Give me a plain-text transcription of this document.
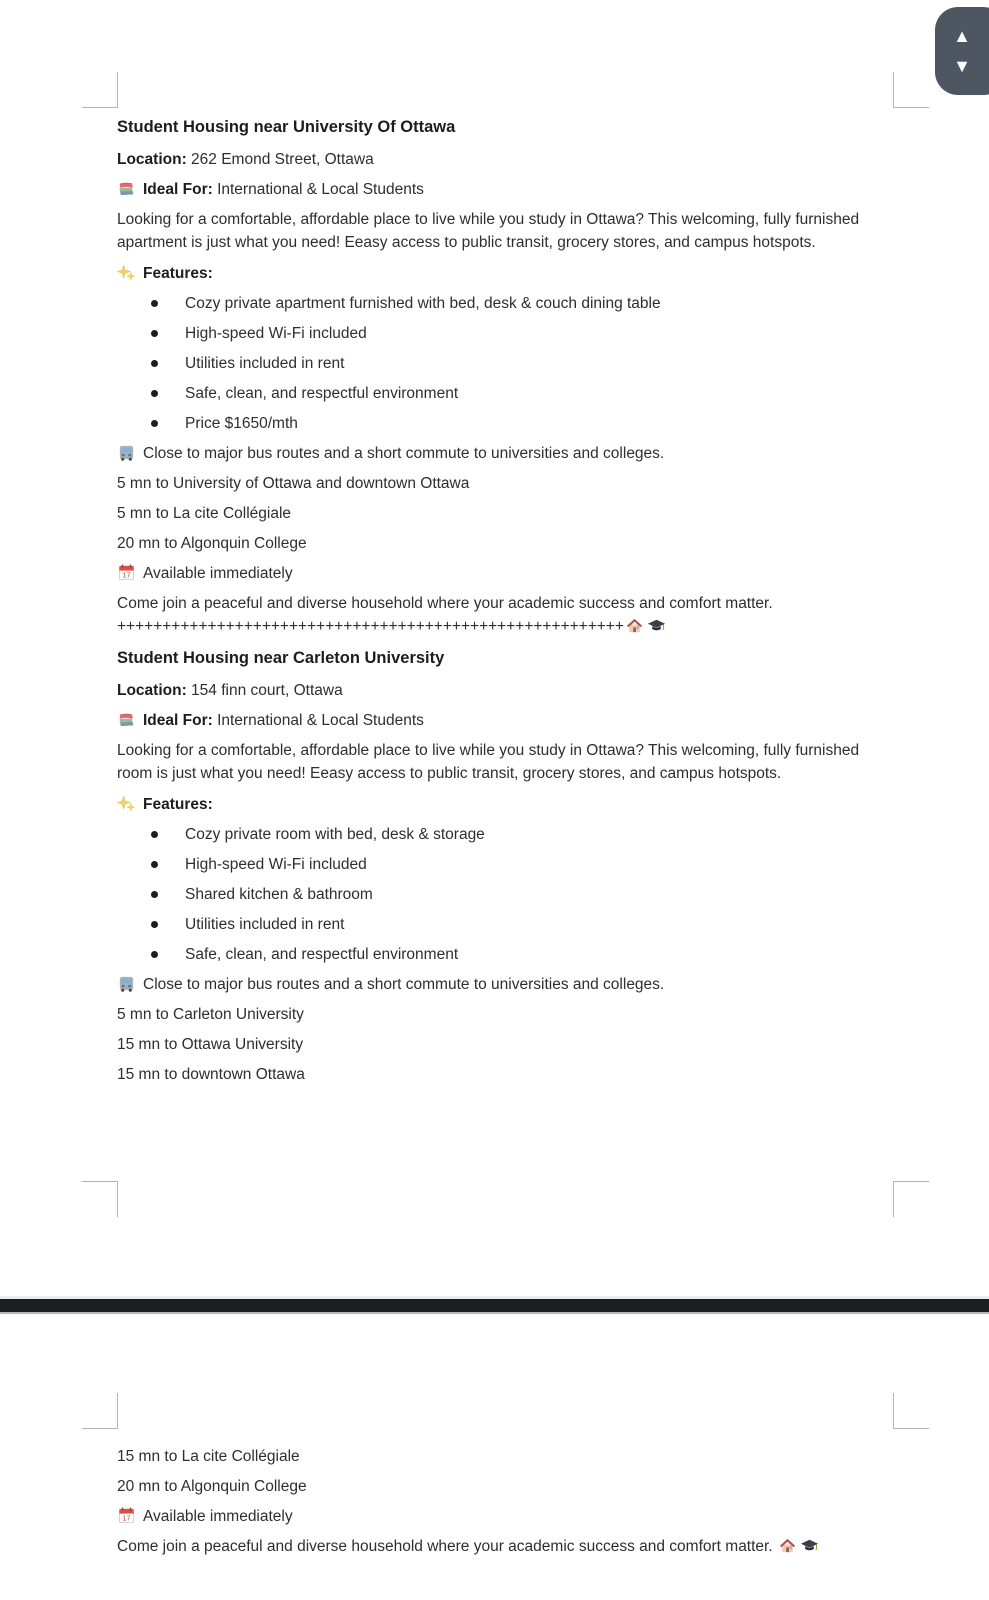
▲
▼

Student Housing near University Of Ottawa

Location: 262 Emond Street, Ottawa

Ideal For: International & Local Students

Looking for a comfortable, affordable place to live while you study in Ottawa? This welcoming, fully furnished apartment is just what you need! Eeasy access to public transit, grocery stores, and campus hotspots.

Features:

Cozy private apartment furnished with bed, desk & couch dining table
High-speed Wi-Fi included
Utilities included in rent
Safe, clean, and respectful environment
Price $1650/mth

Close to major bus routes and a short commute to universities and colleges.

5 mn to University of Ottawa and downtown Ottawa

5 mn to La cite Collégiale

20 mn to Algonquin College

17 Available immediately

Come join a peaceful and diverse household where your academic success and comfort matter. ++++++++++++++++++++++++++++++++++++++++++++++++++++++++

Student Housing near Carleton University

Location: 154 finn court, Ottawa

Ideal For: International & Local Students

Looking for a comfortable, affordable place to live while you study in Ottawa? This welcoming, fully furnished room is just what you need! Eeasy access to public transit, grocery stores, and campus hotspots.

Features:

Cozy private room with bed, desk & storage
High-speed Wi-Fi included
Shared kitchen & bathroom
Utilities included in rent
Safe, clean, and respectful environment

Close to major bus routes and a short commute to universities and colleges.

5 mn to Carleton University

15 mn to Ottawa University

15 mn to downtown Ottawa

15 mn to La cite Collégiale

20 mn to Algonquin College

17 Available immediately

Come join a peaceful and diverse household where your academic success and comfort matter.
